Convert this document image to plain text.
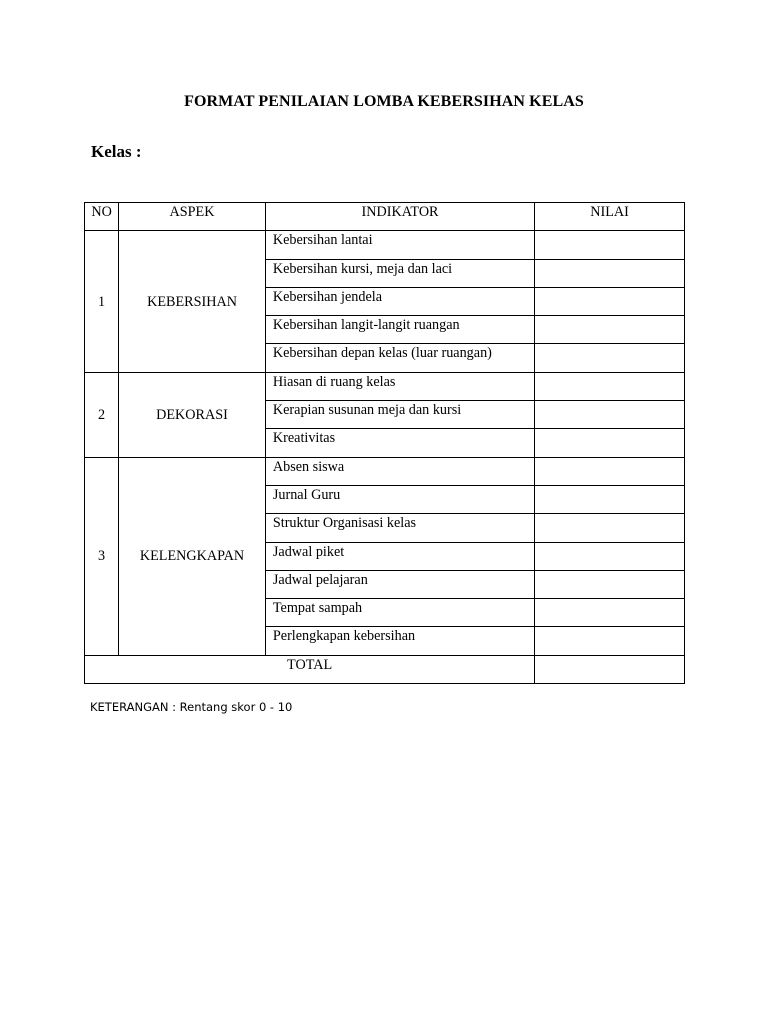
FORMAT PENILAIAN LOMBA KEBERSIHAN KELAS
Kelas :
NO	ASPEK	INDIKATOR	NILAI
1	KEBERSIHAN	Kebersihan lantai	
		Kebersihan kursi, meja dan laci	
		Kebersihan jendela	
		Kebersihan langit-langit ruangan	
		Kebersihan depan kelas (luar ruangan)	
2	DEKORASI	Hiasan di ruang kelas	
		Kerapian susunan meja dan kursi	
		Kreativitas	
3	KELENGKAPAN	Absen siswa	
		Jurnal Guru	
		Struktur Organisasi kelas	
		Jadwal piket	
		Jadwal pelajaran	
		Tempat sampah	
		Perlengkapan kebersihan	
TOTAL			
KETERANGAN : Rentang skor 0 - 10
